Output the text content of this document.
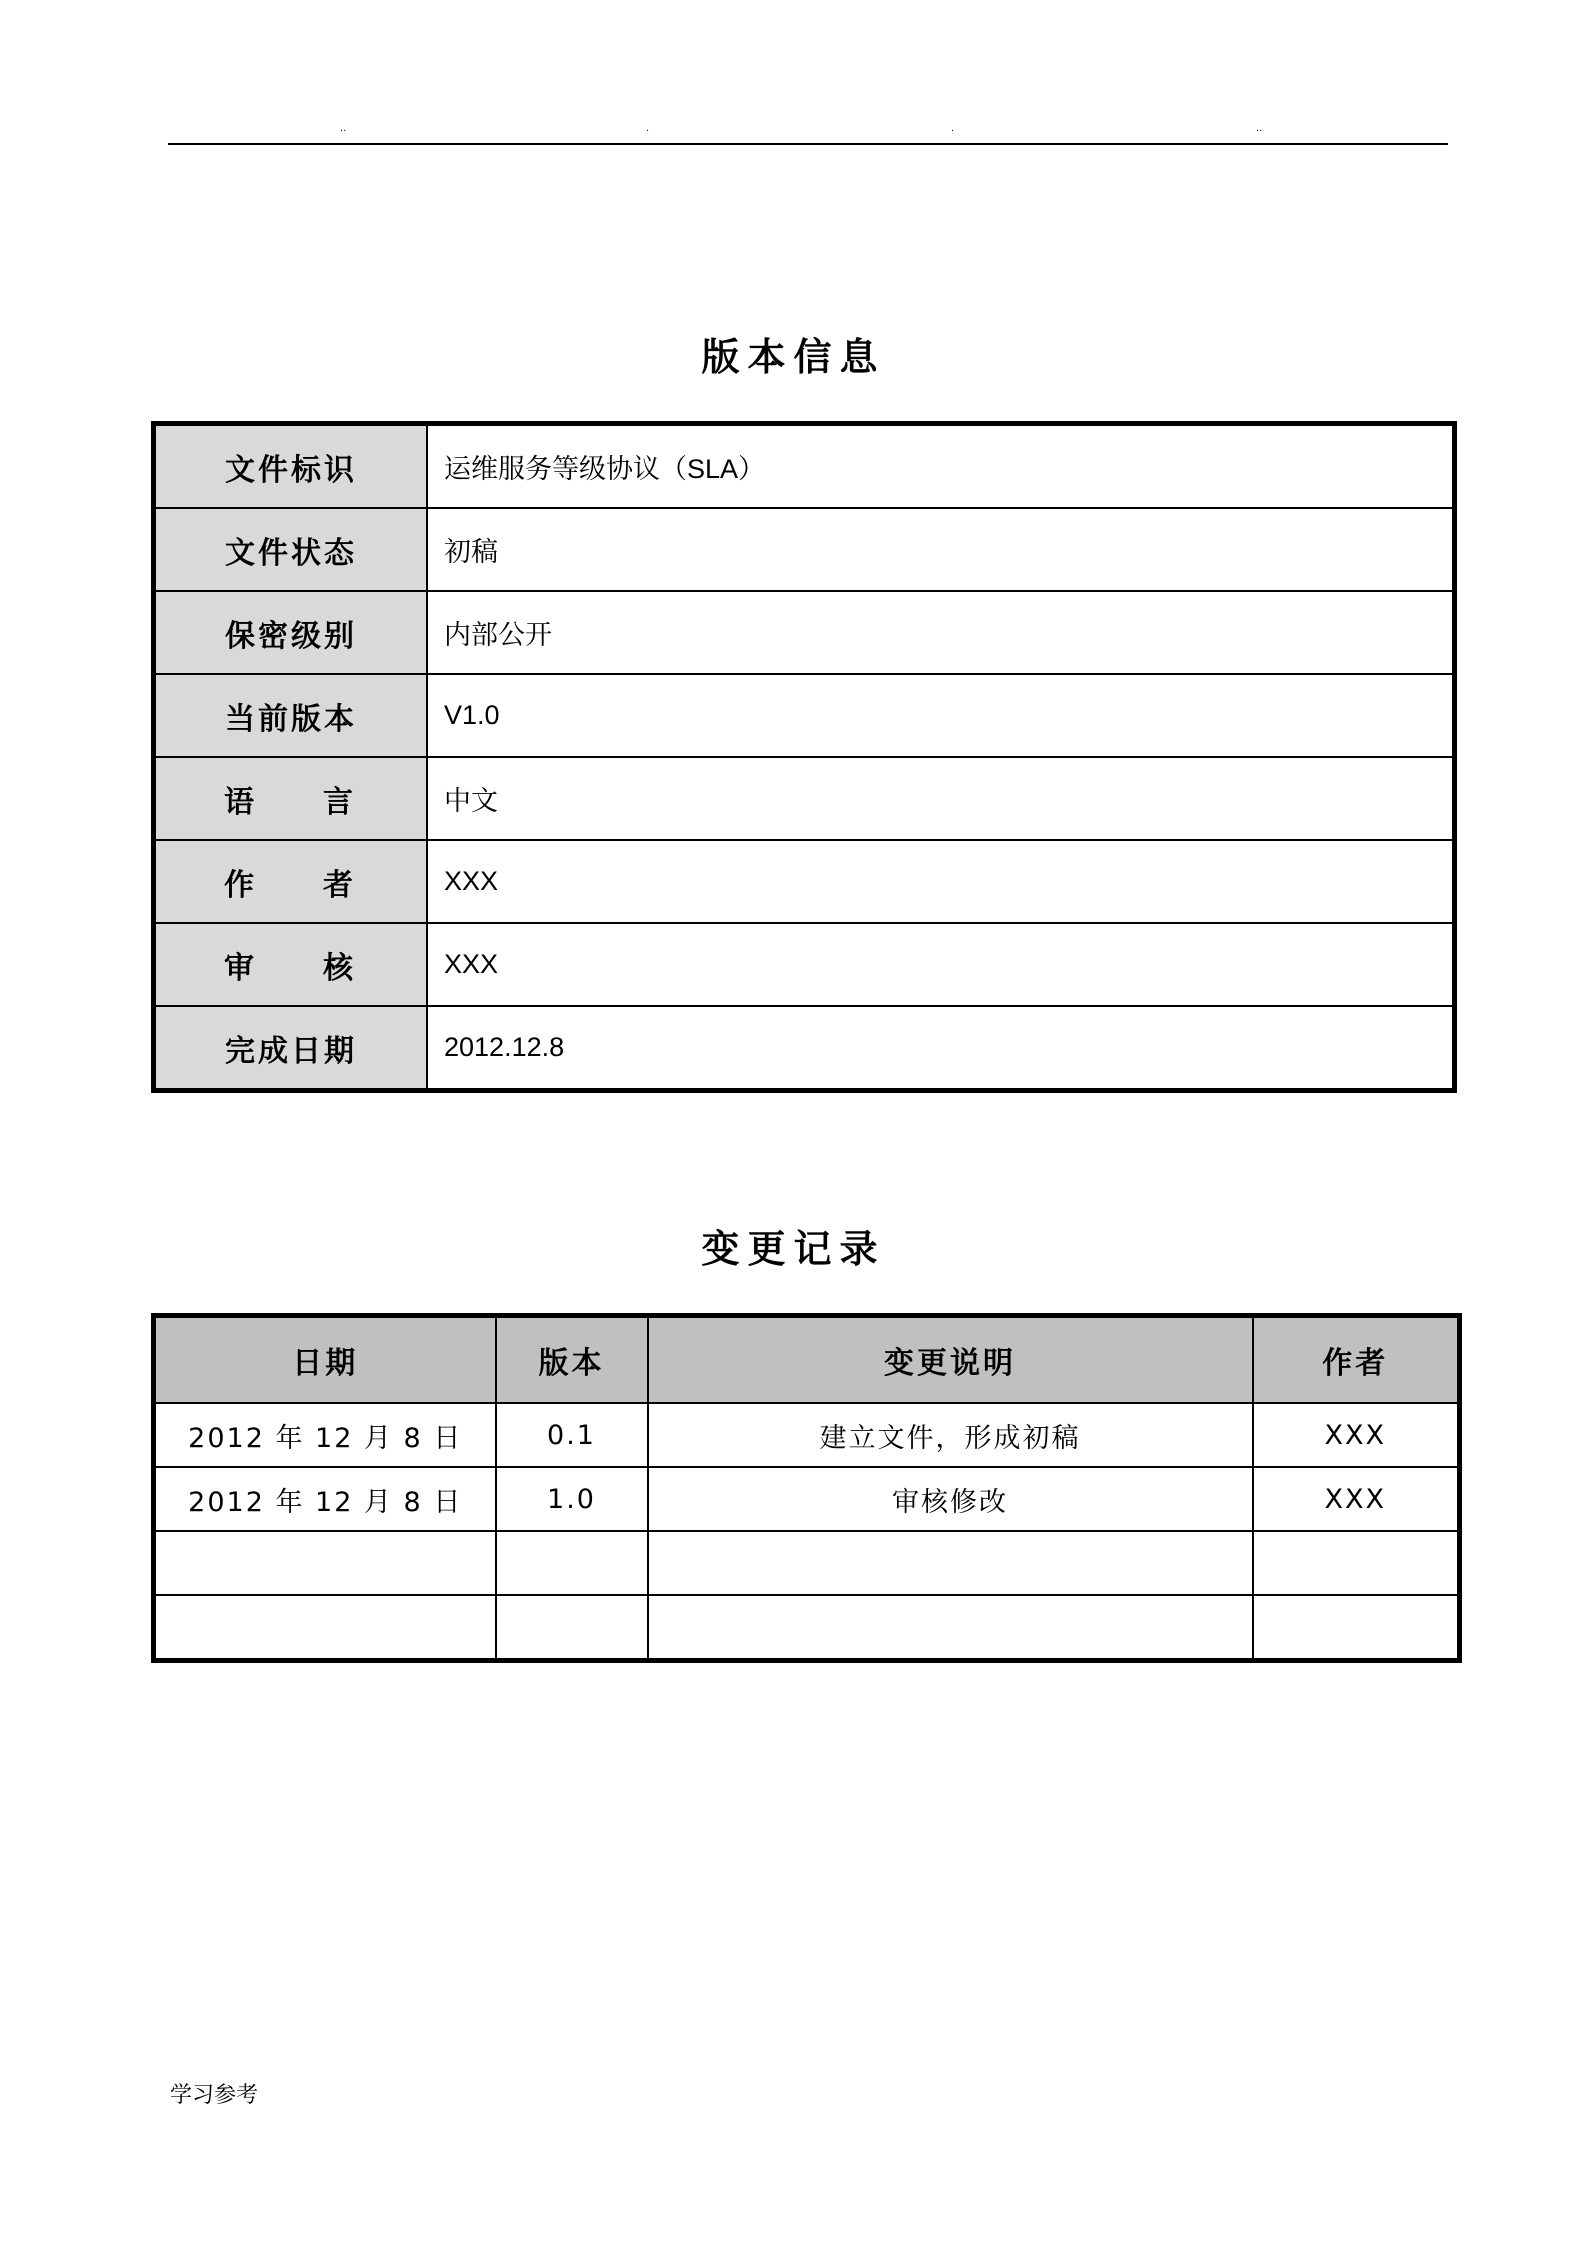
..	.	.	..
版本信息
文件标识	运维服务等级协议（SLA）
文件状态	初稿
保密级别	内部公开
当前版本	V1.0

语 言	中文

作 者	XXX

审 核	XXX
完成日期	2012.12.8
变更记录
日期	版本	变更说明	作者
2012 年 12 月 8 日	0.1	建立文件，形成初稿	XXX
2012 年 12 月 8 日	1.0	审核修改	XXX

学习参考
